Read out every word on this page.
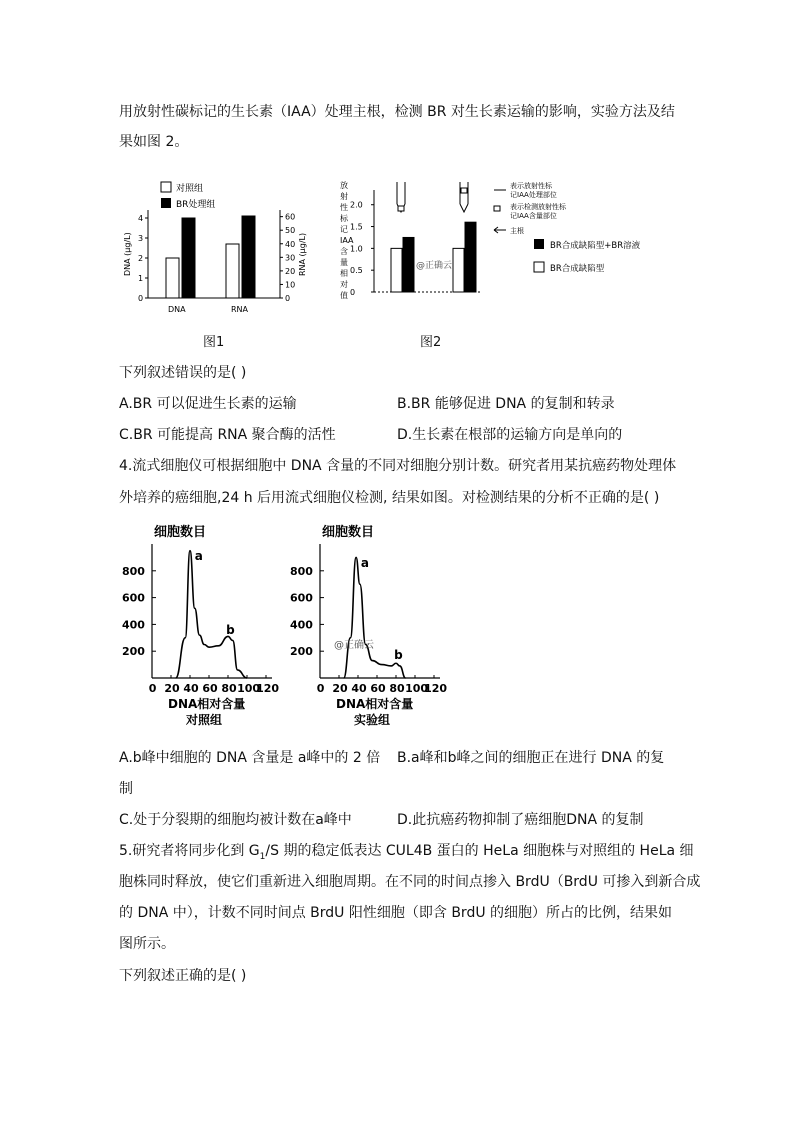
用放射性碳标记的生长素（IAA）处理主根，检测 BR 对生长素运输的影响，实验方法及结
果如图 2。
对照组
BR处理组
DNA (μg/L)	RNA (μg/L)
0
1
2
3
4
0
10
20
30
40
50
60
DNA	RNA
图1
放
射
性
标
记
IAA
含
量
相
对
值 0
0.5
1.0
1.5
2.0
表示放射性标
记IAA处理部位
表示检测放射性标
记IAA含量部位
主根
BR合成缺陷型+BR溶液
BR合成缺陷型
@正确云
图2
下列叙述错误的是( )
A.BR 可以促进生长素的运输	B.BR 能够促进 DNA 的复制和转录
C.BR 可能提高 RNA 聚合酶的活性	D.生长素在根部的运输方向是单向的
4.流式细胞仪可根据细胞中 DNA 含量的不同对细胞分别计数。研究者用某抗癌药物处理体
外培养的癌细胞,24 h 后用流式细胞仪检测, 结果如图。对检测结果的分析不正确的是( )
细胞数目
200
400
600
800
0 20 40 60 80 100
120
a
b
DNA相对含量
对照组
细胞数目
200
400
600
800
0 20 40 60 80 100
120
a
b
@正确云
DNA相对含量
实验组
A.b峰中细胞的 DNA 含量是 a峰中的 2 倍 B.a峰和b峰之间的细胞正在进行 DNA 的复
制
C.处于分裂期的细胞均被计数在a峰中	D.此抗癌药物抑制了癌细胞DNA 的复制
5.研究者将同步化到 $G_1/S$ 期的稳定低表达 CUL4B 蛋白的 HeLa 细胞株与对照组的 HeLa 细
胞株同时释放，使它们重新进入细胞周期。在不同的时间点掺入 BrdU（BrdU 可掺入到新合成
的 DNA 中），计数不同时间点 BrdU 阳性细胞（即含 BrdU 的细胞）所占的比例，结果如
图所示。
下列叙述正确的是( )
